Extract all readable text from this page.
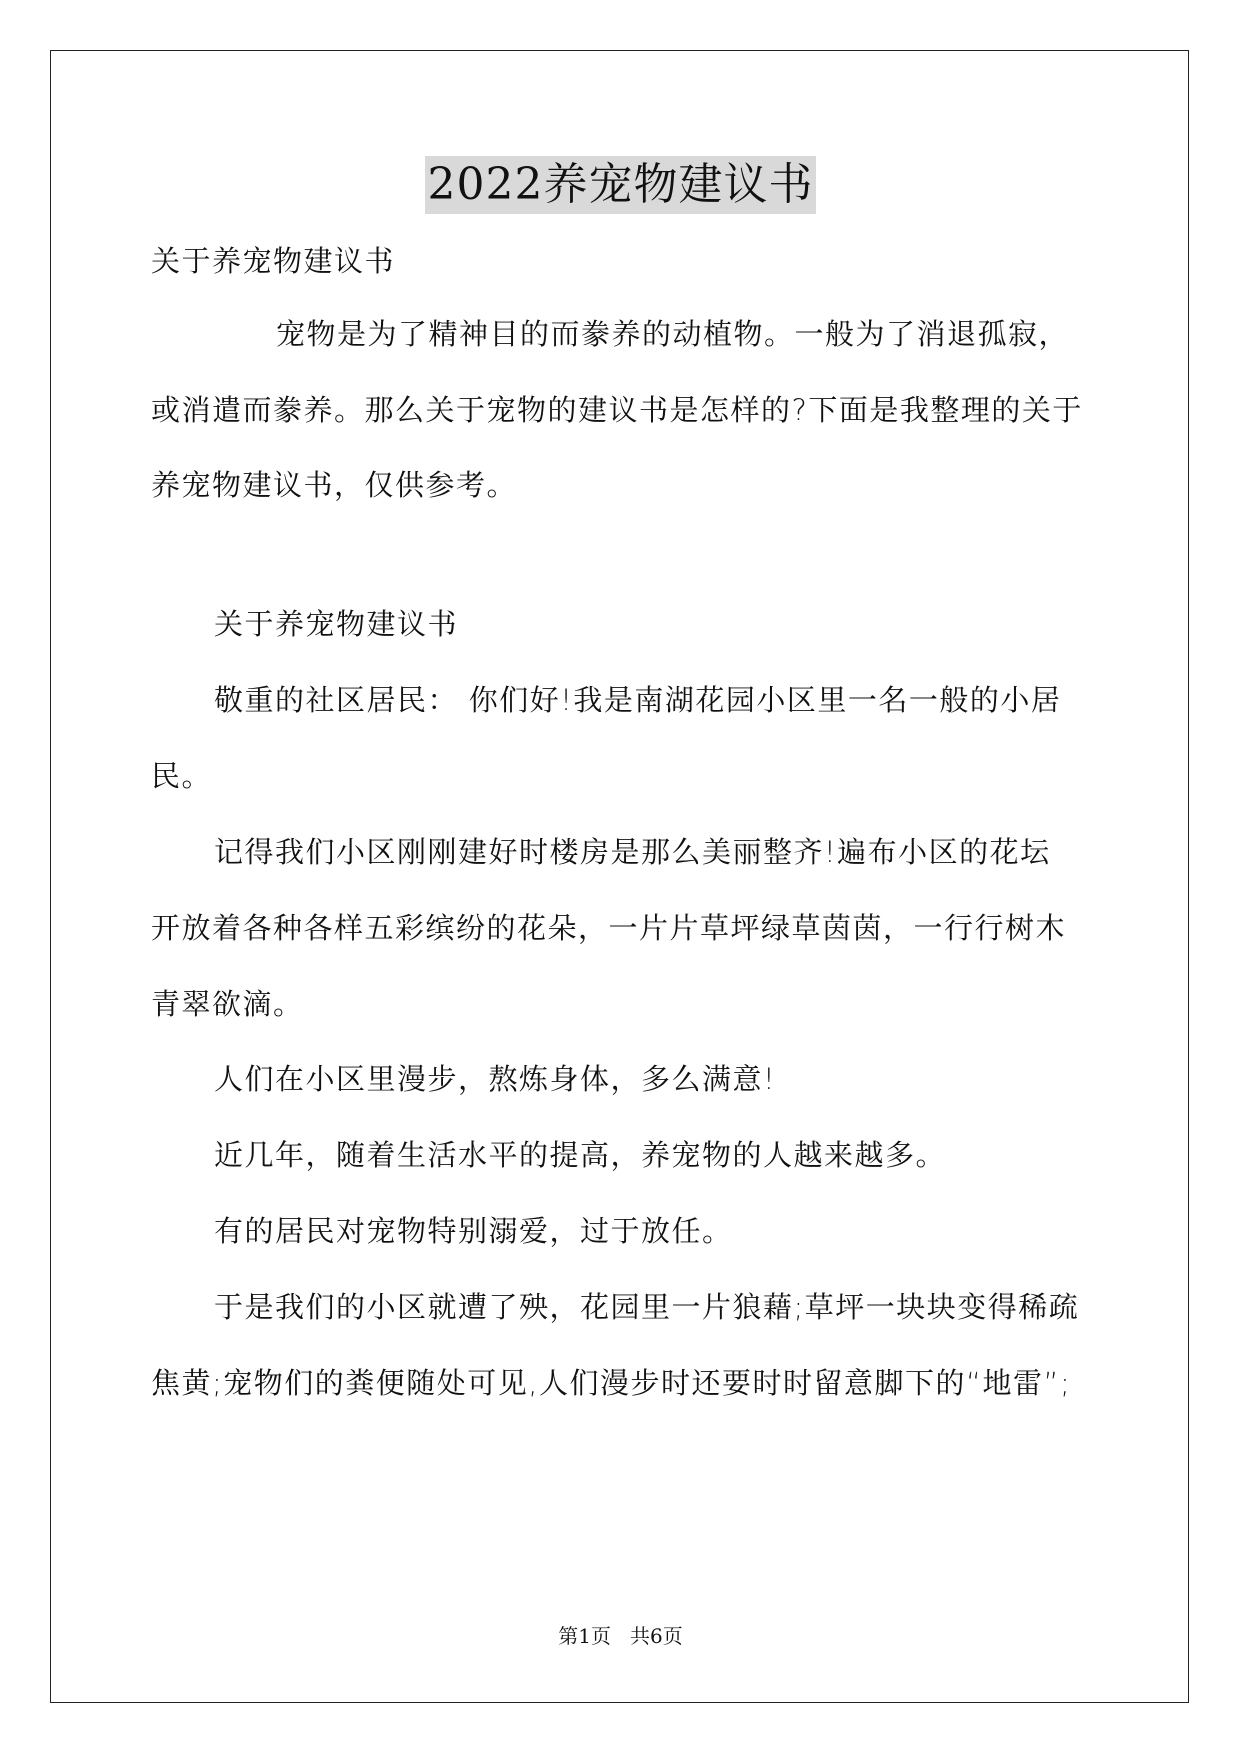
2022养宠物建议书
关于养宠物建议书
宠物是为了精神目的而豢养的动植物。一般为了消退孤寂，
或消遣而豢养。那么关于宠物的建议书是怎样的?下面是我整理的关于
养宠物建议书，仅供参考。
关于养宠物建议书
敬重的社区居民： 你们好!我是南湖花园小区里一名一般的小居
民。
记得我们小区刚刚建好时楼房是那么美丽整齐!遍布小区的花坛
开放着各种各样五彩缤纷的花朵，一片片草坪绿草茵茵，一行行树木
青翠欲滴。
人们在小区里漫步，熬炼身体，多么满意!
近几年，随着生活水平的提高，养宠物的人越来越多。
有的居民对宠物特别溺爱，过于放任。
于是我们的小区就遭了殃，花园里一片狼藉;草坪一块块变得稀疏
焦黄;宠物们的粪便随处可见,人们漫步时还要时时留意脚下的“地雷”;
第1页   共6页
